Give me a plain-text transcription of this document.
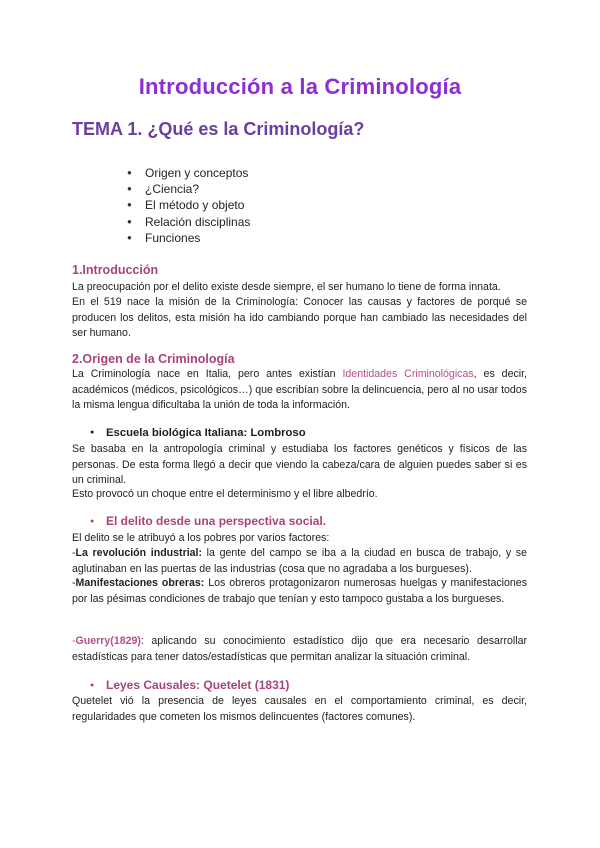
Introducción a la Criminología
TEMA 1. ¿Qué es la Criminología?
● Origen y conceptos
● ¿Ciencia?
● El método y objeto
● Relación disciplinas
● Funciones
1.Introducción

La preocupación por el delito existe desde siempre, el ser humano lo tiene de forma innata.

En el 519 nace la misión de la Criminología: Conocer las causas y factores de porqué se producen los delitos, esta misión ha ido cambiando porque han cambiado las necesidades del ser humano.

2.Origen de la Criminología

La Criminología nace en Italia, pero antes existían Identidades Criminológicas, es decir, académicos (médicos, psicológicos…) que escribían sobre la delincuencia, pero al no usar todos la misma lengua dificultaba la unión de toda la información.

● Escuela biológica Italiana: Lombroso

Se basaba en la antropología criminal y estudiaba los factores genéticos y físicos de las personas. De esta forma llegó a decir que viendo la cabeza/cara de alguien puedes saber si es un criminal.

Esto provocó un choque entre el determinismo y el libre albedrío.

● El delito desde una perspectiva social.

El delito se le atribuyó a los pobres por varios factores:

-La revolución industrial: la gente del campo se iba a la ciudad en busca de trabajo, y se aglutinaban en las puertas de las industrias (cosa que no agradaba a los burgueses).

-Manifestaciones obreras: Los obreros protagonizaron numerosas huelgas y manifestaciones por las pésimas condiciones de trabajo que tenían y esto tampoco gustaba a los burgueses.

-Guerry(1829): aplicando su conocimiento estadístico dijo que era necesario desarrollar estadísticas para tener datos/estadísticas que permitan analizar la situación criminal.

● Leyes Causales: Quetelet (1831)

Quetelet vió la presencia de leyes causales en el comportamiento criminal, es decir, regularidades que cometen los mismos delincuentes (factores comunes).
